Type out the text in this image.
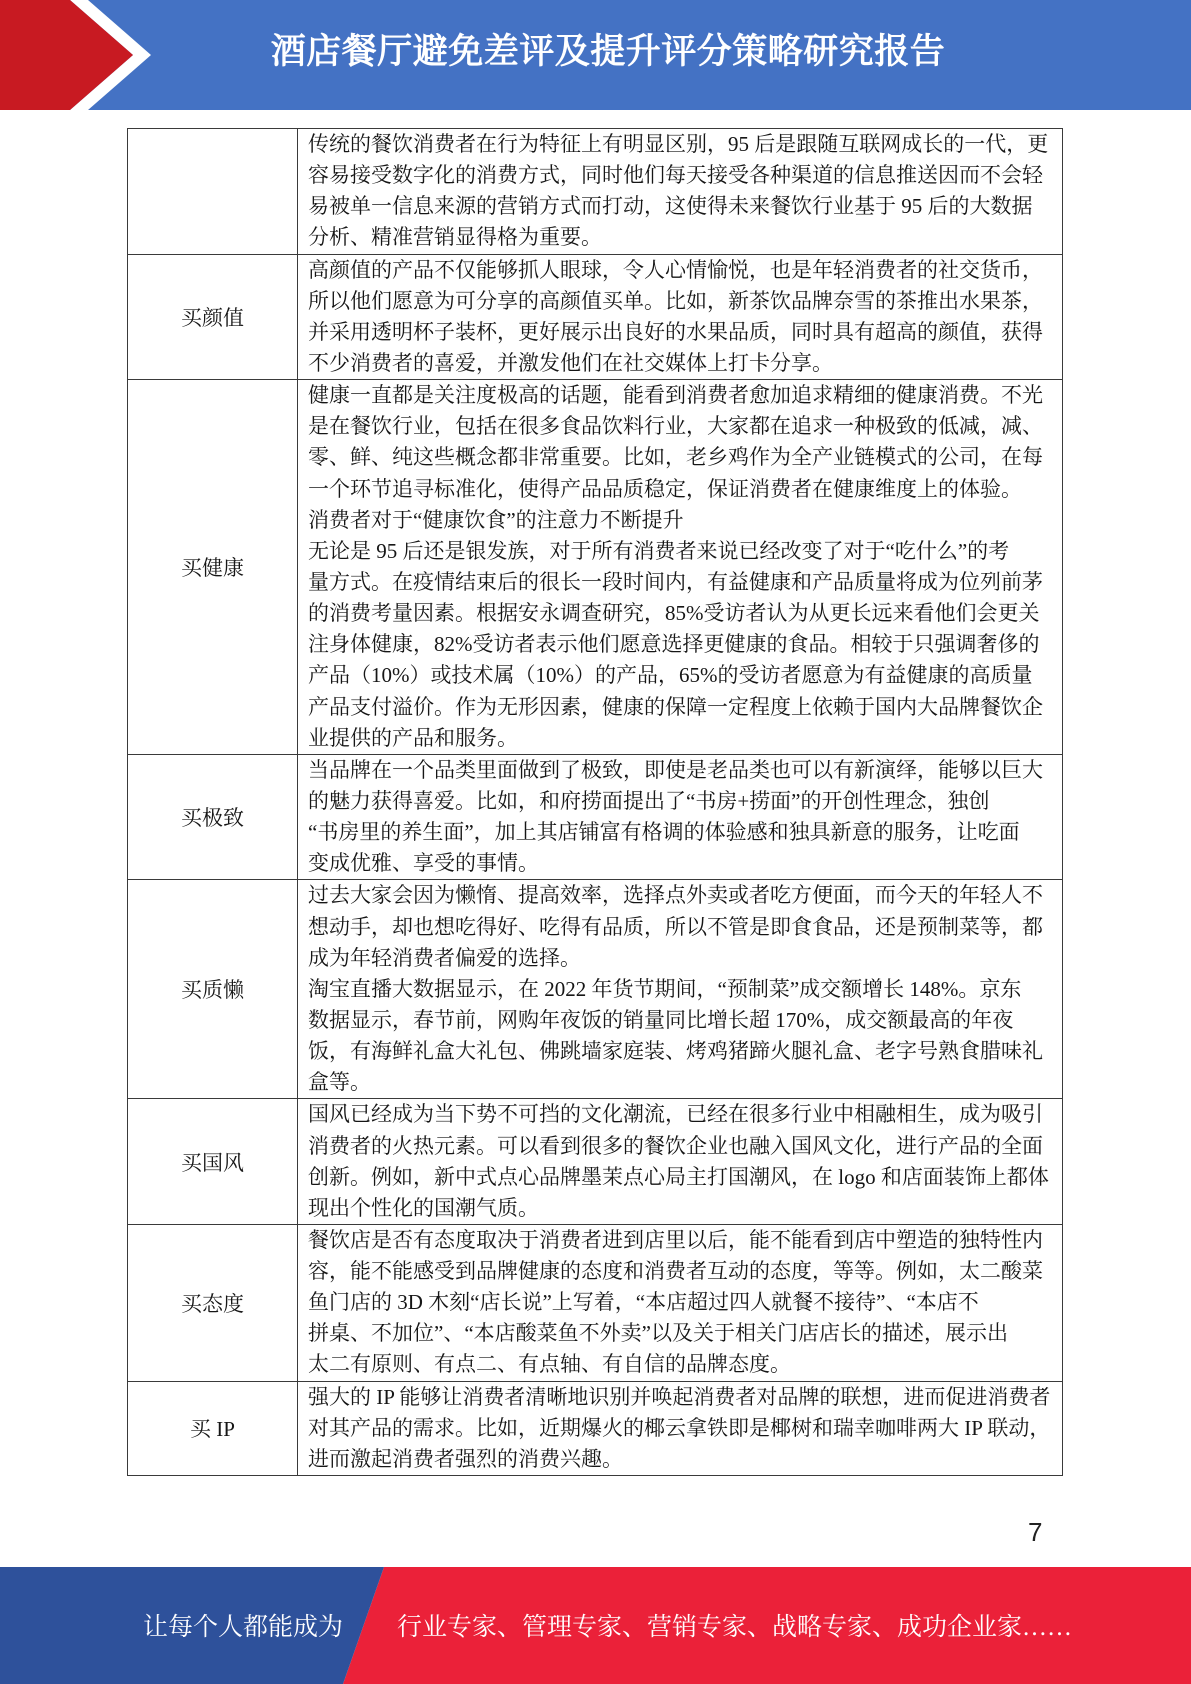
酒店餐厅避免差评及提升评分策略研究报告
传统的餐饮消费者在行为特征上有明显区别，95 后是跟随互联网成长的一代，更
容易接受数字化的消费方式，同时他们每天接受各种渠道的信息推送因而不会轻
易被单一信息来源的营销方式而打动，这使得未来餐饮行业基于 95 后的大数据
分析、精准营销显得格为重要。
买颜值
高颜值的产品不仅能够抓人眼球，令人心情愉悦，也是年轻消费者的社交货币，
所以他们愿意为可分享的高颜值买单。比如，新茶饮品牌奈雪的茶推出水果茶，
并采用透明杯子装杯，更好展示出良好的水果品质，同时具有超高的颜值，获得
不少消费者的喜爱，并激发他们在社交媒体上打卡分享。
买健康
健康一直都是关注度极高的话题，能看到消费者愈加追求精细的健康消费。不光
是在餐饮行业，包括在很多食品饮料行业，大家都在追求一种极致的低减，减、
零、鲜、纯这些概念都非常重要。比如，老乡鸡作为全产业链模式的公司，在每
一个环节追寻标准化，使得产品品质稳定，保证消费者在健康维度上的体验。
消费者对于“健康饮食”的注意力不断提升
无论是 95 后还是银发族，对于所有消费者来说已经改变了对于“吃什么”的考
量方式。在疫情结束后的很长一段时间内，有益健康和产品质量将成为位列前茅
的消费考量因素。根据安永调查研究，85%受访者认为从更长远来看他们会更关
注身体健康，82%受访者表示他们愿意选择更健康的食品。相较于只强调奢侈的
产品（10%）或技术属（10%）的产品，65%的受访者愿意为有益健康的高质量
产品支付溢价。作为无形因素，健康的保障一定程度上依赖于国内大品牌餐饮企
业提供的产品和服务。
买极致
当品牌在一个品类里面做到了极致，即使是老品类也可以有新演绎，能够以巨大
的魅力获得喜爱。比如，和府捞面提出了“书房+捞面”的开创性理念，独创
“书房里的养生面”，加上其店铺富有格调的体验感和独具新意的服务，让吃面
变成优雅、享受的事情。
买质懒
过去大家会因为懒惰、提高效率，选择点外卖或者吃方便面，而今天的年轻人不
想动手，却也想吃得好、吃得有品质，所以不管是即食食品，还是预制菜等，都
成为年轻消费者偏爱的选择。
淘宝直播大数据显示，在 2022 年货节期间，“预制菜”成交额增长 148%。京东
数据显示，春节前，网购年夜饭的销量同比增长超 170%，成交额最高的年夜
饭，有海鲜礼盒大礼包、佛跳墙家庭装、烤鸡猪蹄火腿礼盒、老字号熟食腊味礼
盒等。
买国风
国风已经成为当下势不可挡的文化潮流，已经在很多行业中相融相生，成为吸引
消费者的火热元素。可以看到很多的餐饮企业也融入国风文化，进行产品的全面
创新。例如，新中式点心品牌墨茉点心局主打国潮风，在 logo 和店面装饰上都体
现出个性化的国潮气质。
买态度
餐饮店是否有态度取决于消费者进到店里以后，能不能看到店中塑造的独特性内
容，能不能感受到品牌健康的态度和消费者互动的态度，等等。例如，太二酸菜
鱼门店的 3D 木刻“店长说”上写着，“本店超过四人就餐不接待”、“本店不
拼桌、不加位”、“本店酸菜鱼不外卖”以及关于相关门店店长的描述，展示出
太二有原则、有点二、有点轴、有自信的品牌态度。
买 IP
强大的 IP 能够让消费者清晰地识别并唤起消费者对品牌的联想，进而促进消费者
对其产品的需求。比如，近期爆火的椰云拿铁即是椰树和瑞幸咖啡两大 IP 联动，
进而激起消费者强烈的消费兴趣。
7
让每个人都能成为 行业专家、管理专家、营销专家、战略专家、成功企业家……
